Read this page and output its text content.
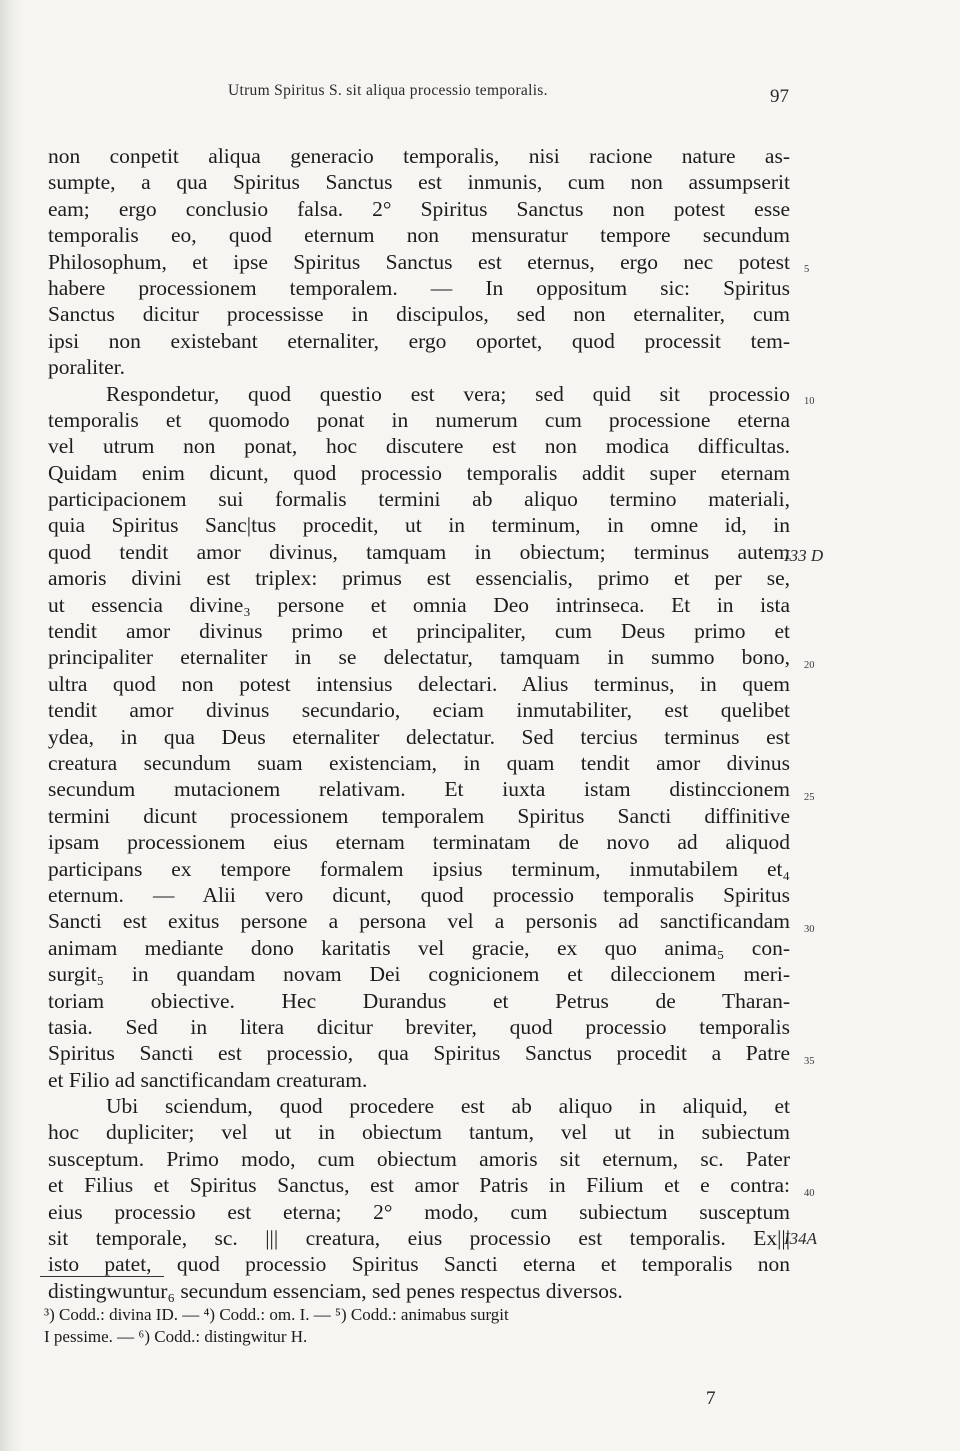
Utrum Spiritus S. sit aliqua processio temporalis.	97
non conpetit aliqua generacio temporalis, nisi racione nature as-
sumpte, a qua Spiritus Sanctus est inmunis, cum non assumpserit
eam; ergo conclusio falsa. 2° Spiritus Sanctus non potest esse
temporalis eo, quod eternum non mensuratur tempore secundum
Philosophum, et ipse Spiritus Sanctus est eternus, ergo nec potest
habere processionem temporalem. — In oppositum sic: Spiritus
Sanctus dicitur processisse in discipulos, sed non eternaliter, cum
ipsi non existebant eternaliter, ergo oportet, quod processit tem-
poraliter.
Respondetur, quod questio est vera; sed quid sit processio
temporalis et quomodo ponat in numerum cum processione eterna
vel utrum non ponat, hoc discutere est non modica difficultas.
Quidam enim dicunt, quod processio temporalis addit super eternam
participacionem sui formalis termini ab aliquo termino materiali,
quia Spiritus Sanc|tus procedit, ut in terminum, in omne id, in
quod tendit amor divinus, tamquam in obiectum; terminus autem
amoris divini est triplex: primus est essencialis, primo et per se,
ut essencia divine₃ persone et omnia Deo intrinseca. Et in ista
tendit amor divinus primo et principaliter, cum Deus primo et
principaliter eternaliter in se delectatur, tamquam in summo bono,
ultra quod non potest intensius delectari. Alius terminus, in quem
tendit amor divinus secundario, eciam inmutabiliter, est quelibet
ydea, in qua Deus eternaliter delectatur. Sed tercius terminus est
creatura secundum suam existenciam, in quam tendit amor divinus
secundum mutacionem relativam. Et iuxta istam distinccionem
termini dicunt processionem temporalem Spiritus Sancti diffinitive
ipsam processionem eius eternam terminatam de novo ad aliquod
participans ex tempore formalem ipsius terminum, inmutabilem et₄
eternum. — Alii vero dicunt, quod processio temporalis Spiritus
Sancti est exitus persone a persona vel a personis ad sanctificandam
animam mediante dono karitatis vel gracie, ex quo anima₅ con-
surgit₅ in quandam novam Dei cognicionem et dileccionem meri-
toriam obiective. Hec Durandus et Petrus de Tharan-
tasia. Sed in litera dicitur breviter, quod processio temporalis
Spiritus Sancti est processio, qua Spiritus Sanctus procedit a Patre
et Filio ad sanctificandam creaturam.
Ubi sciendum, quod procedere est ab aliquo in aliquid, et
hoc dupliciter; vel ut in obiectum tantum, vel ut in subiectum
susceptum. Primo modo, cum obiectum amoris sit eternum, sc. Pater
et Filius et Spiritus Sanctus, est amor Patris in Filium et e contra:
eius processio est eterna; 2° modo, cum subiectum susceptum
sit temporale, sc. ||| creatura, eius processio est temporalis. Ex|||
isto patet, quod processio Spiritus Sancti eterna et temporalis non
distingwuntur₆ secundum essenciam, sed penes respectus diversos.
5
10
20
25
30
35
40
I33 D
I34A
³) Codd.: divina ID. — ⁴) Codd.: om. I. — ⁵) Codd.: animabus surgit
I pessime. — ⁶) Codd.: distingwitur H.
7
